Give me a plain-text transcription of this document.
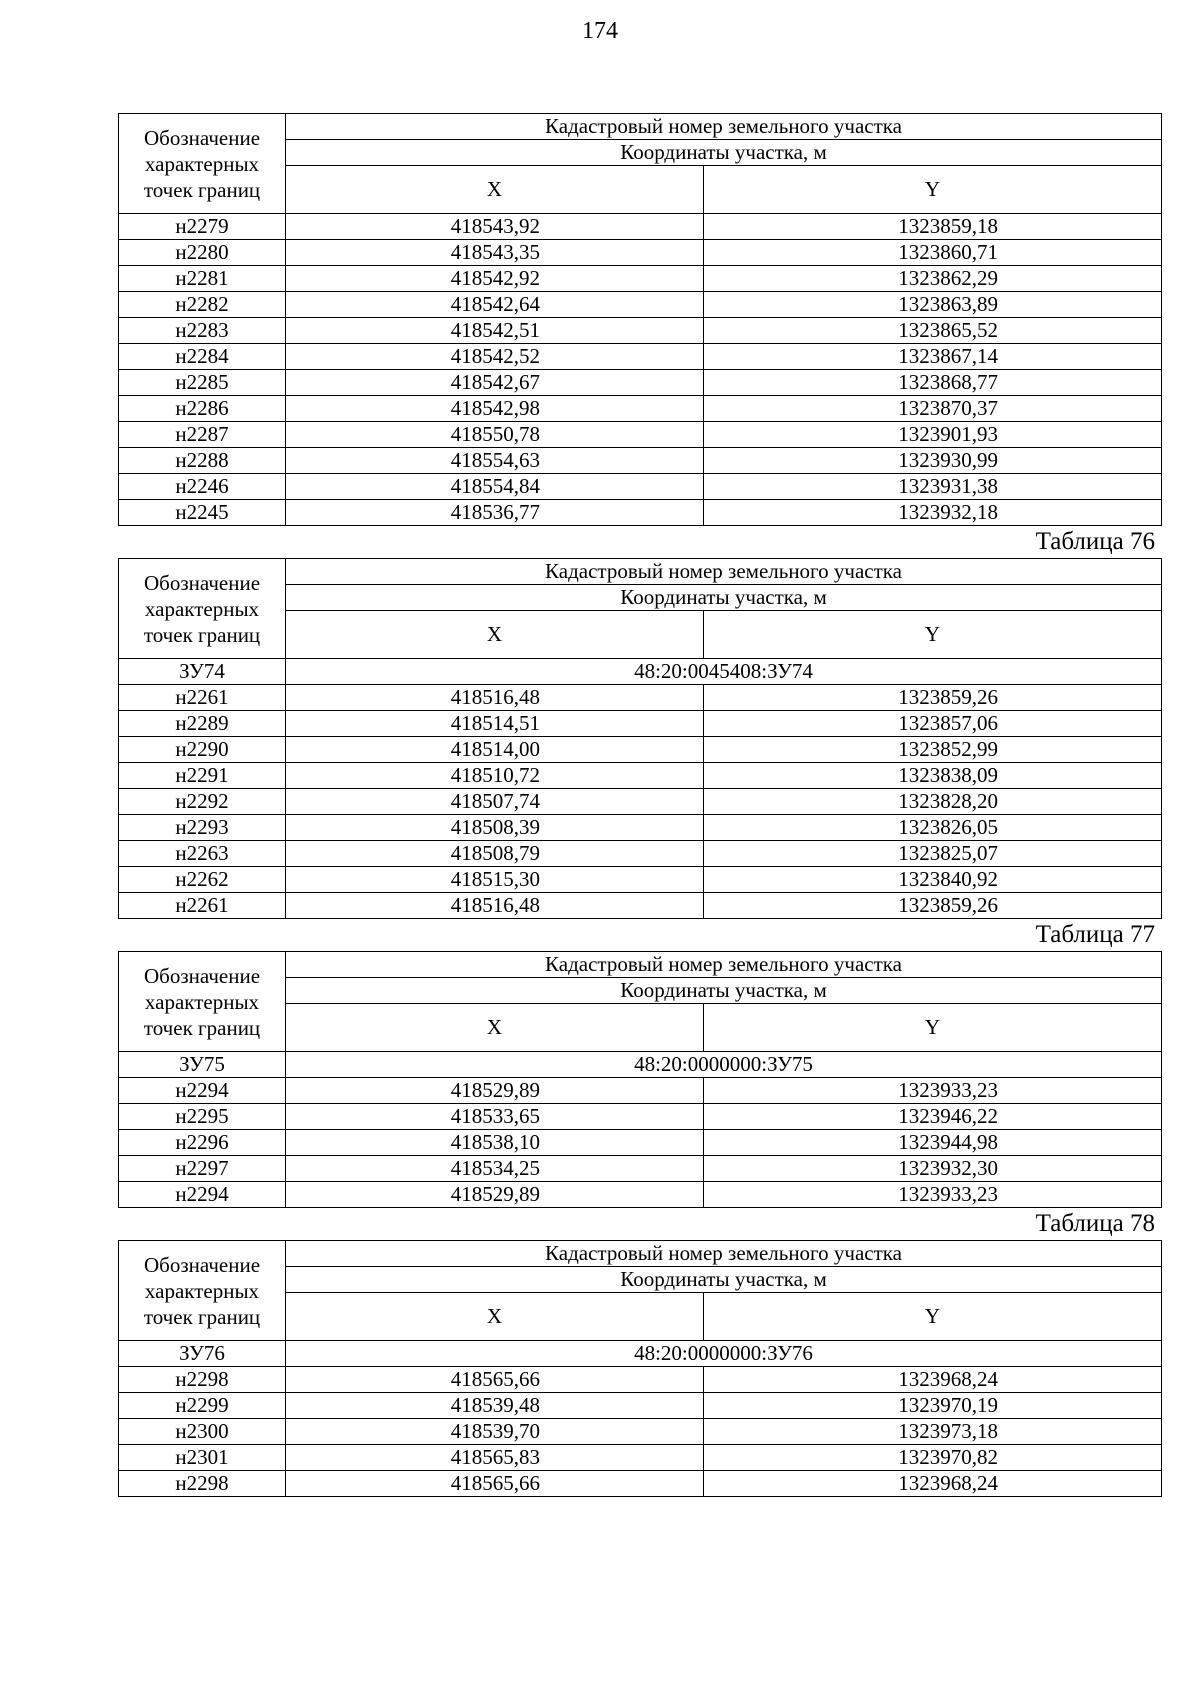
174
Обозначение характерных точек границ	Кадастровый номер земельного участка	
	Координаты участка, м	
	X	Y
н2279	418543,92	1323859,18
н2280	418543,35	1323860,71
н2281	418542,92	1323862,29
н2282	418542,64	1323863,89
н2283	418542,51	1323865,52
н2284	418542,52	1323867,14
н2285	418542,67	1323868,77
н2286	418542,98	1323870,37
н2287	418550,78	1323901,93
н2288	418554,63	1323930,99
н2246	418554,84	1323931,38
н2245	418536,77	1323932,18
Таблица 76
Обозначение характерных точек границ	Кадастровый номер земельного участка	
	Координаты участка, м	
	X	Y
ЗУ74	48:20:0045408:ЗУ74	
н2261	418516,48	1323859,26
н2289	418514,51	1323857,06
н2290	418514,00	1323852,99
н2291	418510,72	1323838,09
н2292	418507,74	1323828,20
н2293	418508,39	1323826,05
н2263	418508,79	1323825,07
н2262	418515,30	1323840,92
н2261	418516,48	1323859,26
Таблица 77
Обозначение характерных точек границ	Кадастровый номер земельного участка	
	Координаты участка, м	
	X	Y
ЗУ75	48:20:0000000:ЗУ75	
н2294	418529,89	1323933,23
н2295	418533,65	1323946,22
н2296	418538,10	1323944,98
н2297	418534,25	1323932,30
н2294	418529,89	1323933,23
Таблица 78
Обозначение характерных точек границ	Кадастровый номер земельного участка	
	Координаты участка, м	
	X	Y
ЗУ76	48:20:0000000:ЗУ76	
н2298	418565,66	1323968,24
н2299	418539,48	1323970,19
н2300	418539,70	1323973,18
н2301	418565,83	1323970,82
н2298	418565,66	1323968,24
